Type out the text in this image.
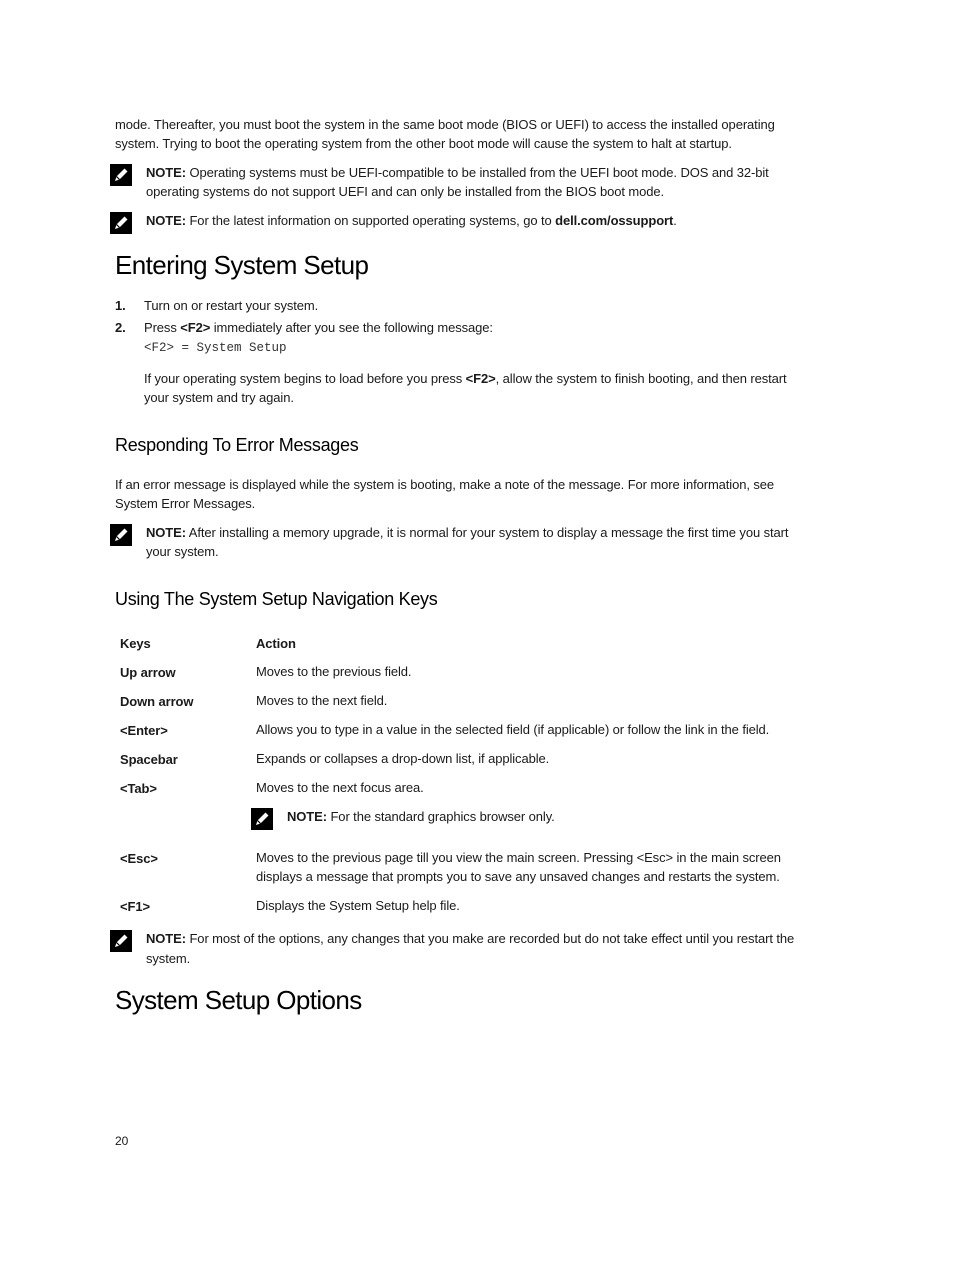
mode. Thereafter, you must boot the system in the same boot mode (BIOS or UEFI) to access the installed operating
system. Trying to boot the operating system from the other boot mode will cause the system to halt at startup.
NOTE: Operating systems must be UEFI-compatible to be installed from the UEFI boot mode. DOS and 32-bit
operating systems do not support UEFI and can only be installed from the BIOS boot mode.
NOTE: For the latest information on supported operating systems, go to dell.com/ossupport.
Entering System Setup
1. Turn on or restart your system.
2. Press <F2> immediately after you see the following message:
<F2> = System Setup
If your operating system begins to load before you press <F2>, allow the system to finish booting, and then restart
your system and try again.
Responding To Error Messages
If an error message is displayed while the system is booting, make a note of the message. For more information, see
System Error Messages.
NOTE: After installing a memory upgrade, it is normal for your system to display a message the first time you start
your system.
Using The System Setup Navigation Keys
Keys	Action
Up arrow	Moves to the previous field.
Down arrow	Moves to the next field.
<Enter>	Allows you to type in a value in the selected field (if applicable) or follow the link in the field.
Spacebar	Expands or collapses a drop-down list, if applicable.
<Tab>	Moves to the next focus area.
NOTE: For the standard graphics browser only.
<Esc>	Moves to the previous page till you view the main screen. Pressing <Esc> in the main screen
displays a message that prompts you to save any unsaved changes and restarts the system.
<F1>	Displays the System Setup help file.
NOTE: For most of the options, any changes that you make are recorded but do not take effect until you restart the
system.
System Setup Options
20
